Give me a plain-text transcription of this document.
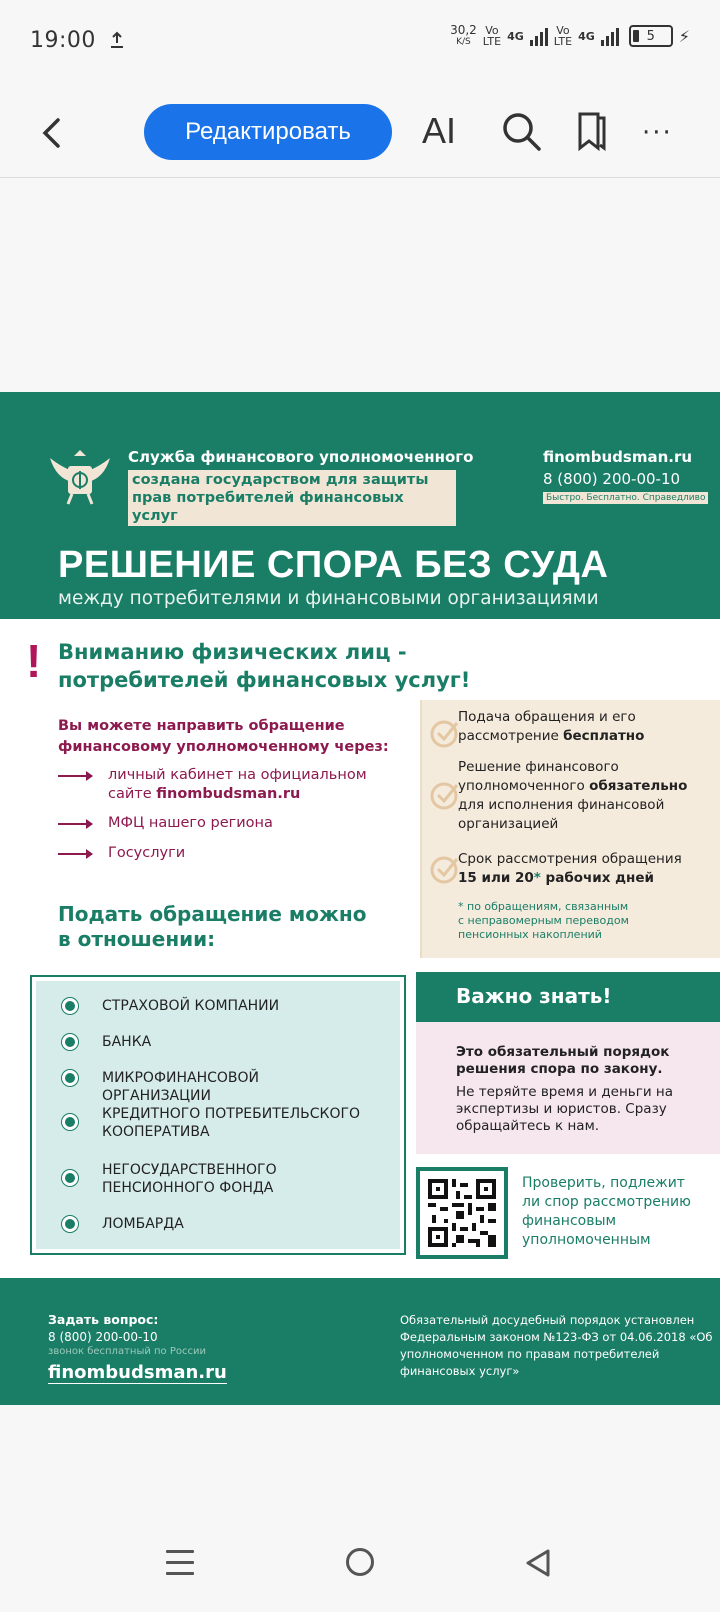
19:00	30,2
K/S
Vo
LTE 4G	Vo
LTE 4G	5 ⚡
Редактировать	AI	···
Служба финансового уполномоченного
создана государством для защиты прав потребителей финансовых услуг
finombudsman.ru
8 (800) 200-00-10
Быстро. Бесплатно. Справедливо
РЕШЕНИЕ СПОРА БЕЗ СУДА
между потребителями и финансовыми организациями
! Вниманию физических лиц -
потребителей финансовых услуг!
Вы можете направить обращение
финансовому уполномоченному через:
личный кабинет на официальном
сайте finombudsman.ru
МФЦ нашего региона
Госуслуги
Подача обращения и его
рассмотрение бесплатно
Решение финансового
уполномоченного обязательно
для исполнения финансовой
организацией
Срок рассмотрения обращения
15 или 20* рабочих дней
* по обращениям, связанным
с неправомерным переводом
пенсионных накоплений
Подать обращение можно
в отношении:
СТРАХОВОЙ КОМПАНИИ
БАНКА
МИКРОФИНАНСОВОЙ ОРГАНИЗАЦИИ
КРЕДИТНОГО ПОТРЕБИТЕЛЬСКОГО КООПЕРАТИВА
НЕГОСУДАРСТВЕННОГО ПЕНСИОННОГО ФОНДА
ЛОМБАРДА
Важно знать!
Это обязательный порядок решения спора по закону.
Не теряйте время и деньги на экспертизы и юристов. Сразу обращайтесь к нам.
Проверить, подлежит ли спор рассмотрению финансовым уполномоченным
Задать вопрос:
8 (800) 200-00-10
звонок бесплатный по России
finombudsman.ru
Обязательный досудебный порядок установлен Федеральным законом №123-ФЗ от 04.06.2018 «Об уполномоченном по правам потребителей финансовых услуг»
